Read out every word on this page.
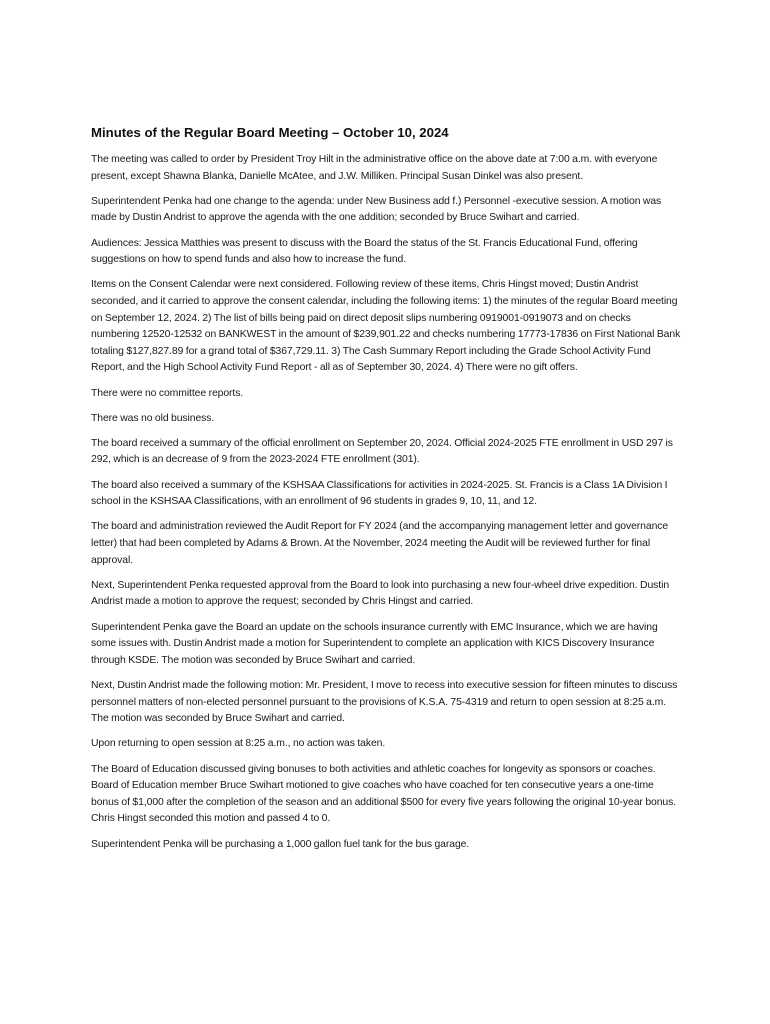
Minutes of the Regular Board Meeting – October 10, 2024

The meeting was called to order by President Troy Hilt in the administrative office on the above date at 7:00 a.m. with everyone present, except Shawna Blanka, Danielle McAtee, and J.W. Milliken. Principal Susan Dinkel was also present.

Superintendent Penka had one change to the agenda: under New Business add f.) Personnel -executive session. A motion was made by Dustin Andrist to approve the agenda with the one addition; seconded by Bruce Swihart and carried.

Audiences: Jessica Matthies was present to discuss with the Board the status of the St. Francis Educational Fund, offering suggestions on how to spend funds and also how to increase the fund.

Items on the Consent Calendar were next considered. Following review of these items, Chris Hingst moved; Dustin Andrist seconded, and it carried to approve the consent calendar, including the following items: 1) the minutes of the regular Board meeting on September 12, 2024. 2) The list of bills being paid on direct deposit slips numbering 0919001-0919073 and on checks numbering 12520-12532 on BANKWEST in the amount of $239,901.22 and checks numbering 17773-17836 on First National Bank totaling $127,827.89 for a grand total of $367,729.11. 3) The Cash Summary Report including the Grade School Activity Fund Report, and the High School Activity Fund Report - all as of September 30, 2024. 4) There were no gift offers.

There were no committee reports.

There was no old business.

The board received a summary of the official enrollment on September 20, 2024. Official 2024-2025 FTE enrollment in USD 297 is 292, which is an decrease of 9 from the 2023-2024 FTE enrollment (301).

The board also received a summary of the KSHSAA Classifications for activities in 2024-2025. St. Francis is a Class 1A Division I school in the KSHSAA Classifications, with an enrollment of 96 students in grades 9, 10, 11, and 12.

The board and administration reviewed the Audit Report for FY 2024 (and the accompanying management letter and governance letter) that had been completed by Adams & Brown. At the November, 2024 meeting the Audit will be reviewed further for final approval.

Next, Superintendent Penka requested approval from the Board to look into purchasing a new four-wheel drive expedition. Dustin Andrist made a motion to approve the request; seconded by Chris Hingst and carried.

Superintendent Penka gave the Board an update on the schools insurance currently with EMC Insurance, which we are having some issues with. Dustin Andrist made a motion for Superintendent to complete an application with KICS Discovery Insurance through KSDE. The motion was seconded by Bruce Swihart and carried.

Next, Dustin Andrist made the following motion: Mr. President, I move to recess into executive session for fifteen minutes to discuss personnel matters of non-elected personnel pursuant to the provisions of K.S.A. 75-4319 and return to open session at 8:25 a.m. The motion was seconded by Bruce Swihart and carried.

Upon returning to open session at 8:25 a.m., no action was taken.

The Board of Education discussed giving bonuses to both activities and athletic coaches for longevity as sponsors or coaches. Board of Education member Bruce Swihart motioned to give coaches who have coached for ten consecutive years a one-time bonus of $1,000 after the completion of the season and an additional $500 for every five years following the original 10-year bonus. Chris Hingst seconded this motion and passed 4 to 0.

Superintendent Penka will be purchasing a 1,000 gallon fuel tank for the bus garage.
